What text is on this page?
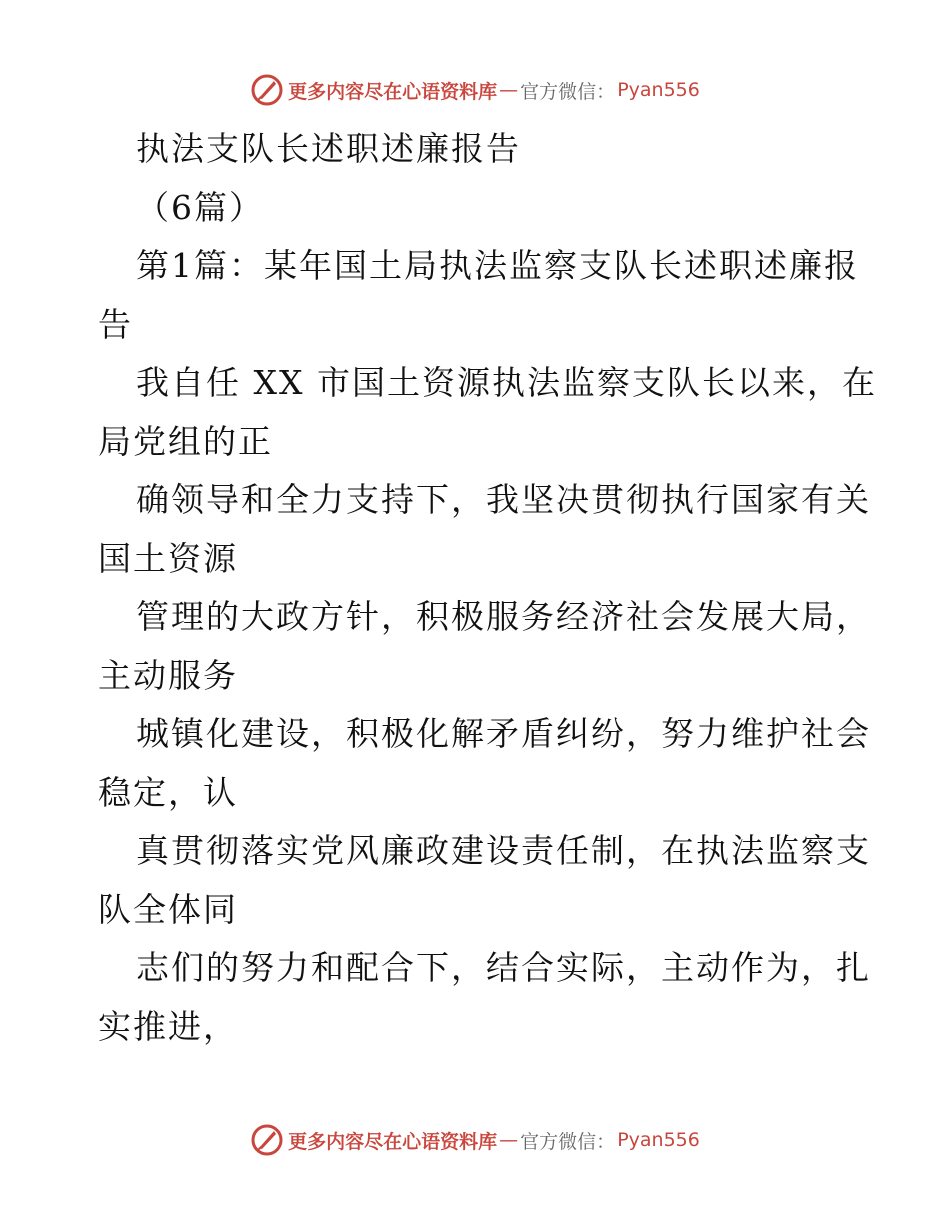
更多内容尽在心语资料库 — 官方微信： Pyan556
执法支队长述职述廉报告
（6篇）
第1篇：某年国土局执法监察支队长述职述廉报
告
我自任 XX 市国土资源执法监察支队长以来，在
局党组的正
确领导和全力支持下，我坚决贯彻执行国家有关
国土资源
管理的大政方针，积极服务经济社会发展大局，
主动服务
城镇化建设，积极化解矛盾纠纷，努力维护社会
稳定，认
真贯彻落实党风廉政建设责任制，在执法监察支
队全体同
志们的努力和配合下，结合实际，主动作为，扎
实推进，
更多内容尽在心语资料库 — 官方微信： Pyan556
